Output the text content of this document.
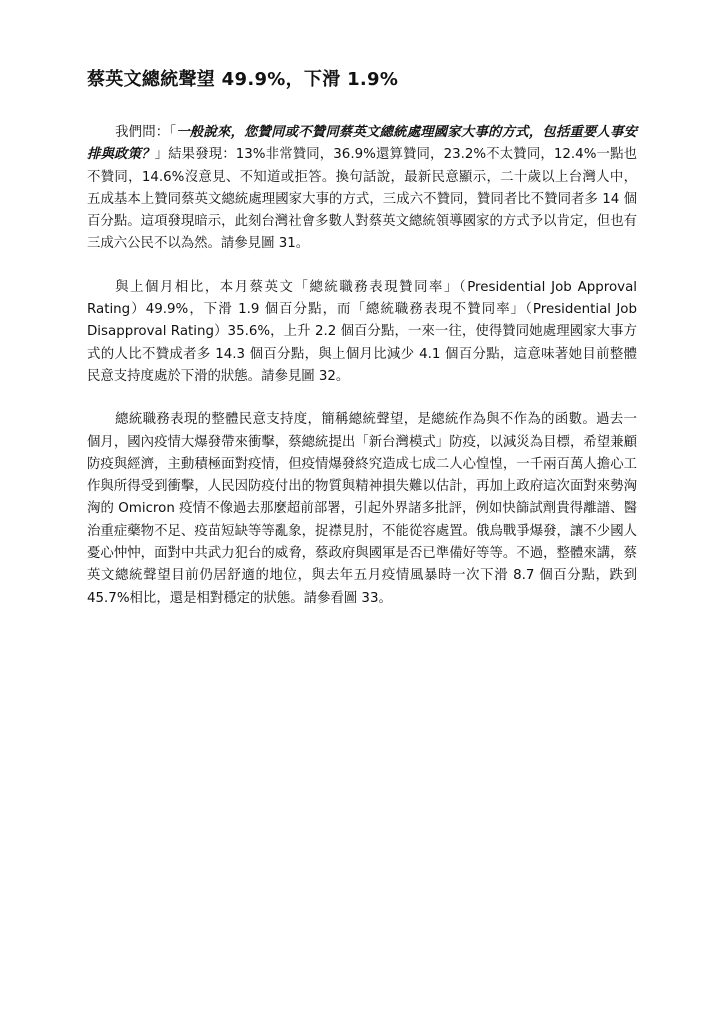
蔡英文總統聲望 49.9%，下滑 1.9%

我們問：「一般說來，您贊同或不贊同蔡英文總統處理國家大事的方式，包括重要人事安排與政策？」結果發現：13%非常贊同，36.9%還算贊同，23.2%不太贊同，12.4%一點也不贊同，14.6%沒意見、不知道或拒答。換句話說，最新民意顯示，二十歲以上台灣人中，五成基本上贊同蔡英文總統處理國家大事的方式，三成六不贊同，贊同者比不贊同者多 14 個百分點。這項發現暗示，此刻台灣社會多數人對蔡英文總統領導國家的方式予以肯定，但也有三成六公民不以為然。請參見圖 31。

與上個月相比，本月蔡英文「總統職務表現贊同率」（Presidential Job Approval Rating）49.9%，下滑 1.9 個百分點，而「總統職務表現不贊同率」（Presidential Job Disapproval Rating）35.6%，上升 2.2 個百分點，一來一往，使得贊同她處理國家大事方式的人比不贊成者多 14.3 個百分點，與上個月比減少 4.1 個百分點，這意味著她目前整體民意支持度處於下滑的狀態。請參見圖 32。

總統職務表現的整體民意支持度，簡稱總統聲望，是總統作為與不作為的函數。過去一個月，國內疫情大爆發帶來衝擊，蔡總統提出「新台灣模式」防疫，以減災為目標，希望兼顧防疫與經濟，主動積極面對疫情，但疫情爆發終究造成七成二人心惶惶，一千兩百萬人擔心工作與所得受到衝擊，人民因防疫付出的物質與精神損失難以估計，再加上政府這次面對來勢洶洶的 Omicron 疫情不像過去那麼超前部署，引起外界諸多批評，例如快篩試劑貴得離譜、醫治重症藥物不足、疫苗短缺等等亂象，捉襟見肘，不能從容處置。俄烏戰爭爆發，讓不少國人憂心忡忡，面對中共武力犯台的威脅，蔡政府與國軍是否已準備好等等。不過，整體來講，蔡英文總統聲望目前仍居舒適的地位，與去年五月疫情風暴時一次下滑 8.7 個百分點，跌到 45.7%相比，還是相對穩定的狀態。請參看圖 33。
